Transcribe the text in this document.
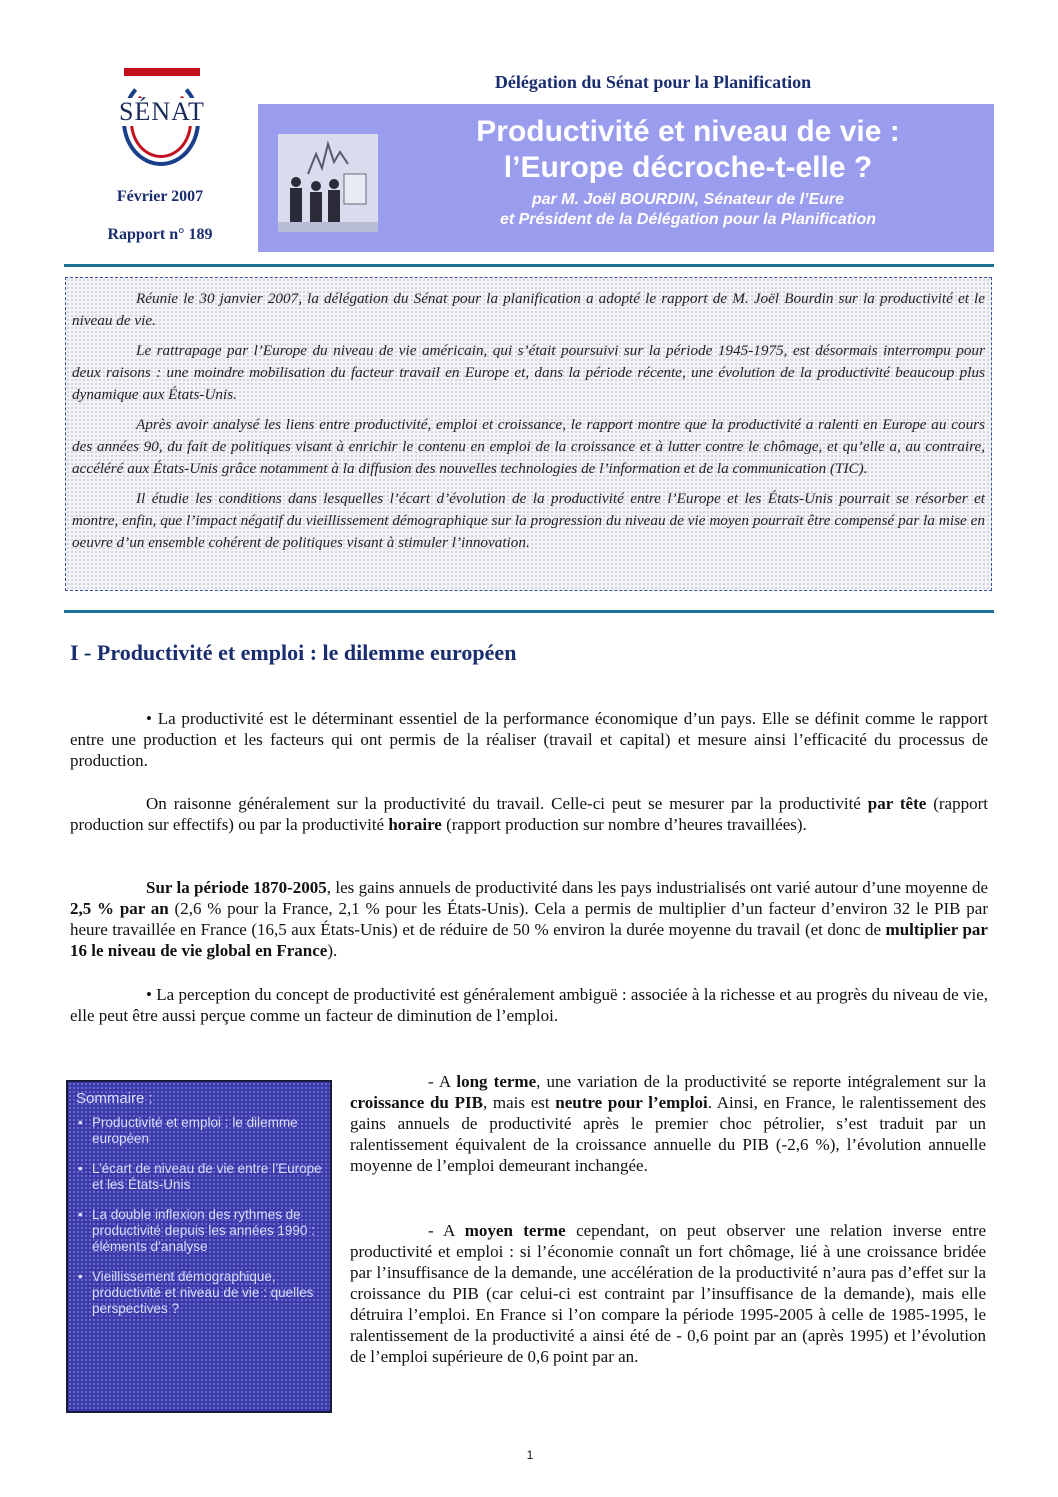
SÉNAT
Février 2007
Rapport n° 189
Délégation du Sénat pour la Planification
Productivité et niveau de vie :
l’Europe décroche-t-elle ?
par M. Joël BOURDIN, Sénateur de l’Eure
et Président de la Délégation pour la Planification

Réunie le 30 janvier 2007, la délégation du Sénat pour la planification a adopté le rapport de M. Joël Bourdin sur la productivité et le niveau de vie.

Le rattrapage par l’Europe du niveau de vie américain, qui s’était poursuivi sur la période 1945-1975, est désormais interrompu pour deux raisons : une moindre mobilisation du facteur travail en Europe et, dans la période récente, une évolution de la productivité beaucoup plus dynamique aux États-Unis.

Après avoir analysé les liens entre productivité, emploi et croissance, le rapport montre que la productivité a ralenti en Europe au cours des années 90, du fait de politiques visant à enrichir le contenu en emploi de la croissance et à lutter contre le chômage, et qu’elle a, au contraire, accéléré aux États-Unis grâce notamment à la diffusion des nouvelles technologies de l’information et de la communication (TIC).

Il étudie les conditions dans lesquelles l’écart d’évolution de la productivité entre l’Europe et les États-Unis pourrait se résorber et montre, enfin, que l’impact négatif du vieillissement démographique sur la progression du niveau de vie moyen pourrait être compensé par la mise en oeuvre d’un ensemble cohérent de politiques visant à stimuler l’innovation.

I - Productivité et emploi : le dilemme européen
• La productivité est le déterminant essentiel de la performance économique d’un pays. Elle se définit comme le rapport entre une production et les facteurs qui ont permis de la réaliser (travail et capital) et mesure ainsi l’efficacité du processus de production.
On raisonne généralement sur la productivité du travail. Celle-ci peut se mesurer par la productivité par tête (rapport production sur effectifs) ou par la productivité horaire (rapport production sur nombre d’heures travaillées).
Sur la période 1870-2005, les gains annuels de productivité dans les pays industrialisés ont varié autour d’une moyenne de 2,5 % par an (2,6 % pour la France, 2,1 % pour les États-Unis). Cela a permis de multiplier d’un facteur d’environ 32 le PIB par heure travaillée en France (16,5 aux États-Unis) et de réduire de 50 % environ la durée moyenne du travail (et donc de multiplier par 16 le niveau de vie global en France).
• La perception du concept de productivité est généralement ambiguë : associée à la richesse et au progrès du niveau de vie, elle peut être aussi perçue comme un facteur de diminution de l’emploi.
Sommaire :
• Productivité et emploi : le dilemme européen
• L’écart de niveau de vie entre l’Europe et les États-Unis
• La double inflexion des rythmes de productivité depuis les années 1990 : éléments d’analyse
• Vieillissement démographique, productivité et niveau de vie : quelles perspectives ?
- A long terme, une variation de la productivité se reporte intégralement sur la croissance du PIB, mais est neutre pour l’emploi. Ainsi, en France, le ralentissement des gains annuels de productivité après le premier choc pétrolier, s’est traduit par un ralentissement équivalent de la croissance annuelle du PIB (-2,6 %), l’évolution annuelle moyenne de l’emploi demeurant inchangée.
- A moyen terme cependant, on peut observer une relation inverse entre productivité et emploi : si l’économie connaît un fort chômage, lié à une croissance bridée par l’insuffisance de la demande, une accélération de la productivité n’aura pas d’effet sur la croissance du PIB (car celui-ci est contraint par l’insuffisance de la demande), mais elle détruira l’emploi. En France si l’on compare la période 1995-2005 à celle de 1985-1995, le ralentissement de la productivité a ainsi été de - 0,6 point par an (après 1995) et l’évolution de l’emploi supérieure de 0,6 point par an.
1
